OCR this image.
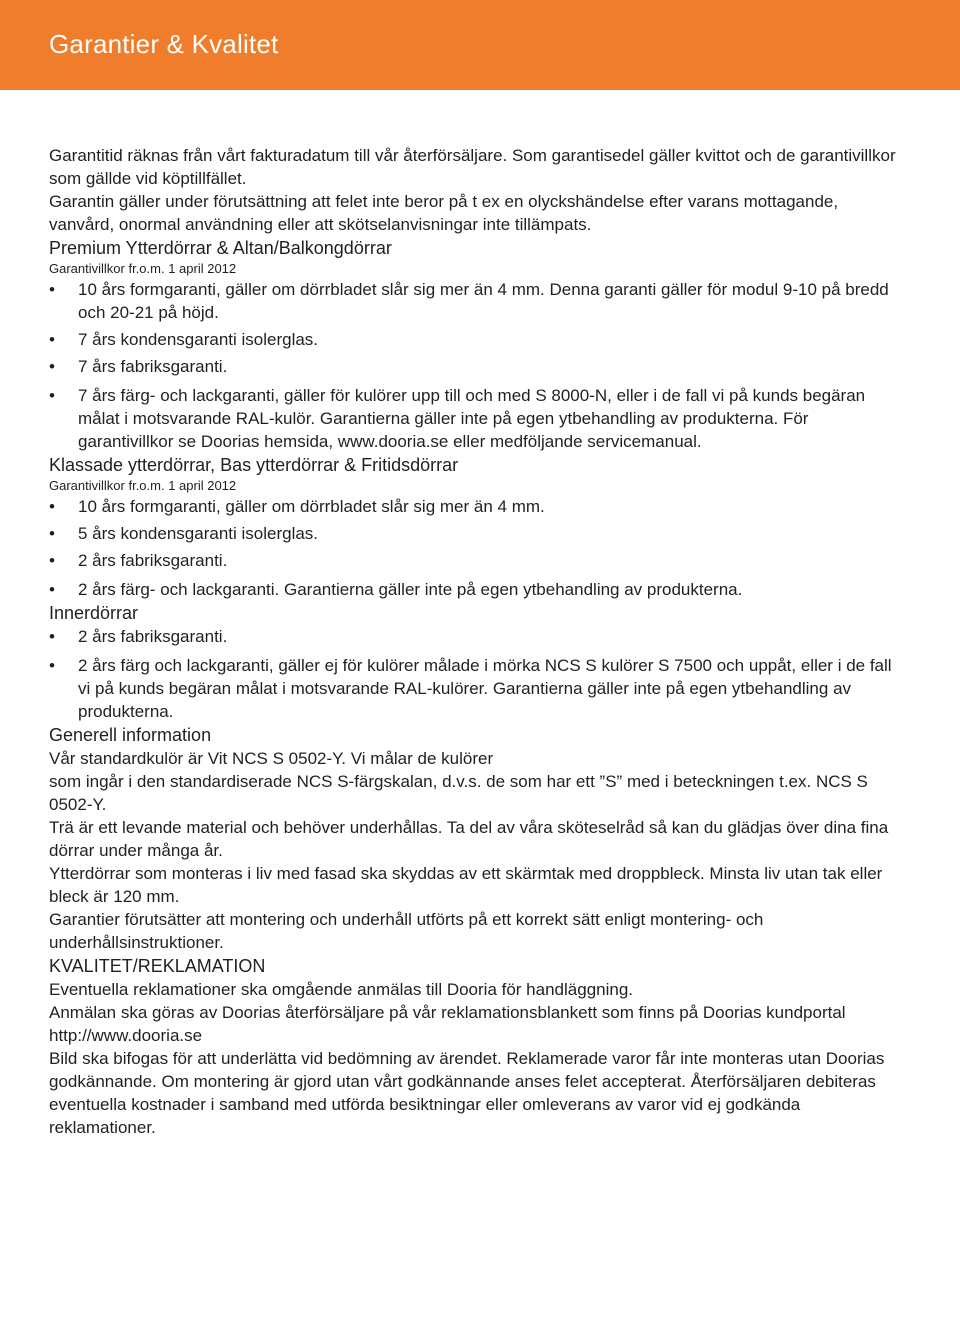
Garantier & Kvalitet

Garantitid räknas från vårt fakturadatum till vår återförsäljare. Som garantisedel gäller kvittot och de garantivillkor som gällde vid köptillfället.

Garantin gäller under förutsättning att felet inte beror på t ex en olyckshändelse efter varans mottagande, vanvård, onormal användning eller att skötselanvisningar inte tillämpats.

Premium Ytterdörrar & Altan/Balkongdörrar

Garantivillkor fr.o.m. 1 april 2012

• 10 års formgaranti, gäller om dörrbladet slår sig mer än 4 mm. Denna garanti gäller för modul 9-10 på bredd och 20-21 på höjd.
• 7 års kondensgaranti isolerglas.
• 7 års fabriksgaranti.
• 7 års färg- och lackgaranti, gäller för kulörer upp till och med S 8000-N, eller i de fall vi på kunds begäran målat i motsvarande RAL-kulör. Garantierna gäller inte på egen ytbehandling av produkterna. För garantivillkor se Doorias hemsida, www.dooria.se eller medföljande servicemanual.
Klassade ytterdörrar, Bas ytterdörrar & Fritidsdörrar

Garantivillkor fr.o.m. 1 april 2012

• 10 års formgaranti, gäller om dörrbladet slår sig mer än 4 mm.
• 5 års kondensgaranti isolerglas.
• 2 års fabriksgaranti.
• 2 års färg- och lackgaranti. Garantierna gäller inte på egen ytbehandling av produkterna.
Innerdörrar
• 2 års fabriksgaranti.
• 2 års färg och lackgaranti, gäller ej för kulörer målade i mörka NCS S kulörer S 7500 och uppåt, eller i de fall vi på kunds begäran målat i motsvarande RAL-kulörer. Garantierna gäller inte på egen ytbehandling av produkterna.
Generell information

Vår standardkulör är Vit NCS S 0502-Y. Vi målar de kulörer

som ingår i den standardiserade NCS S-färgskalan, d.v.s. de som har ett ”S” med i beteckningen t.ex. NCS S 0502-Y.

Trä är ett levande material och behöver underhållas. Ta del av våra sköteselråd så kan du glädjas över dina fina dörrar under många år.

Ytterdörrar som monteras i liv med fasad ska skyddas av ett skärmtak med droppbleck. Minsta liv utan tak eller bleck är 120 mm.

Garantier förutsätter att montering och underhåll utförts på ett korrekt sätt enligt montering- och underhållsinstruktioner.

KVALITET/REKLAMATION

Eventuella reklamationer ska omgående anmälas till Dooria för handläggning.

Anmälan ska göras av Doorias återförsäljare på vår reklamationsblankett som finns på Doorias kundportal http://www.dooria.se

Bild ska bifogas för att underlätta vid bedömning av ärendet. Reklamerade varor får inte monteras utan Doorias godkännande. Om montering är gjord utan vårt godkännande anses felet accepterat. Återförsäljaren debiteras eventuella kostnader i samband med utförda besiktningar eller omleverans av varor vid ej godkända reklamationer.
